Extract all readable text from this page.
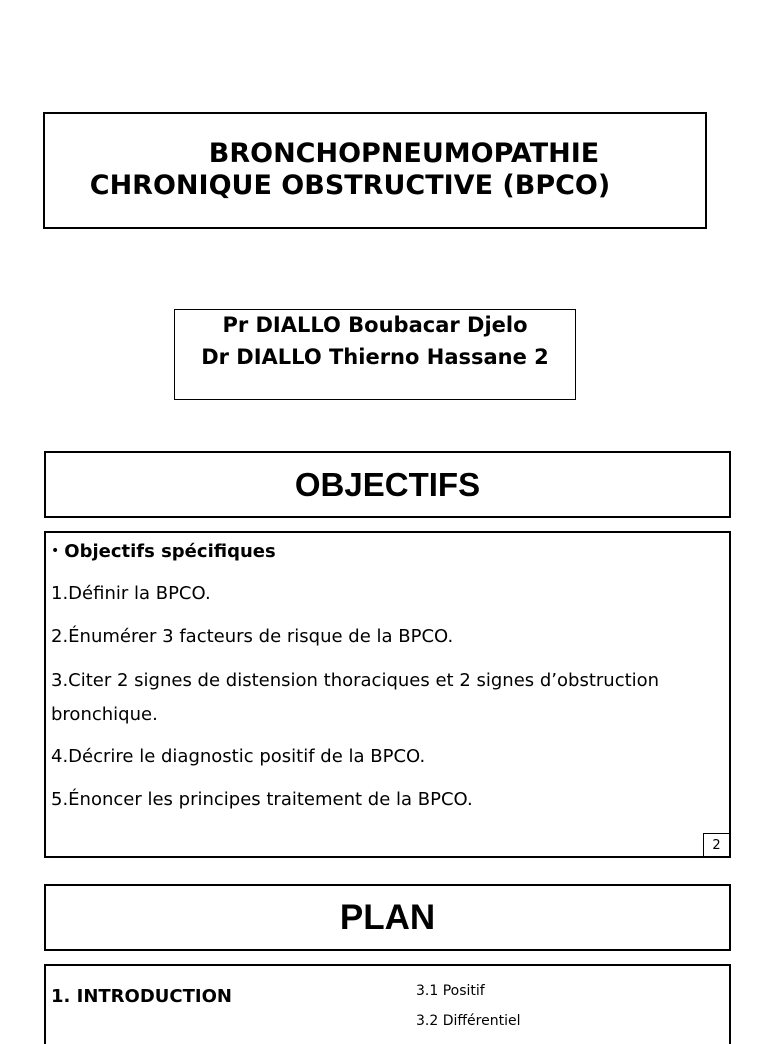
BRONCHOPNEUMOPATHIE
CHRONIQUE OBSTRUCTIVE (BPCO)
Pr DIALLO Boubacar Djelo
Dr DIALLO Thierno Hassane 2
OBJECTIFS
• Objectifs spécifiques
1.Définir la BPCO.
2.Énumérer 3 facteurs de risque de la BPCO.
3.Citer 2 signes de distension thoraciques et 2 signes d’obstruction
bronchique.
4.Décrire le diagnostic positif de la BPCO.
5.Énoncer les principes traitement de la BPCO.
2
PLAN
1. INTRODUCTION	3.1 Positif
3.2 Différentiel
